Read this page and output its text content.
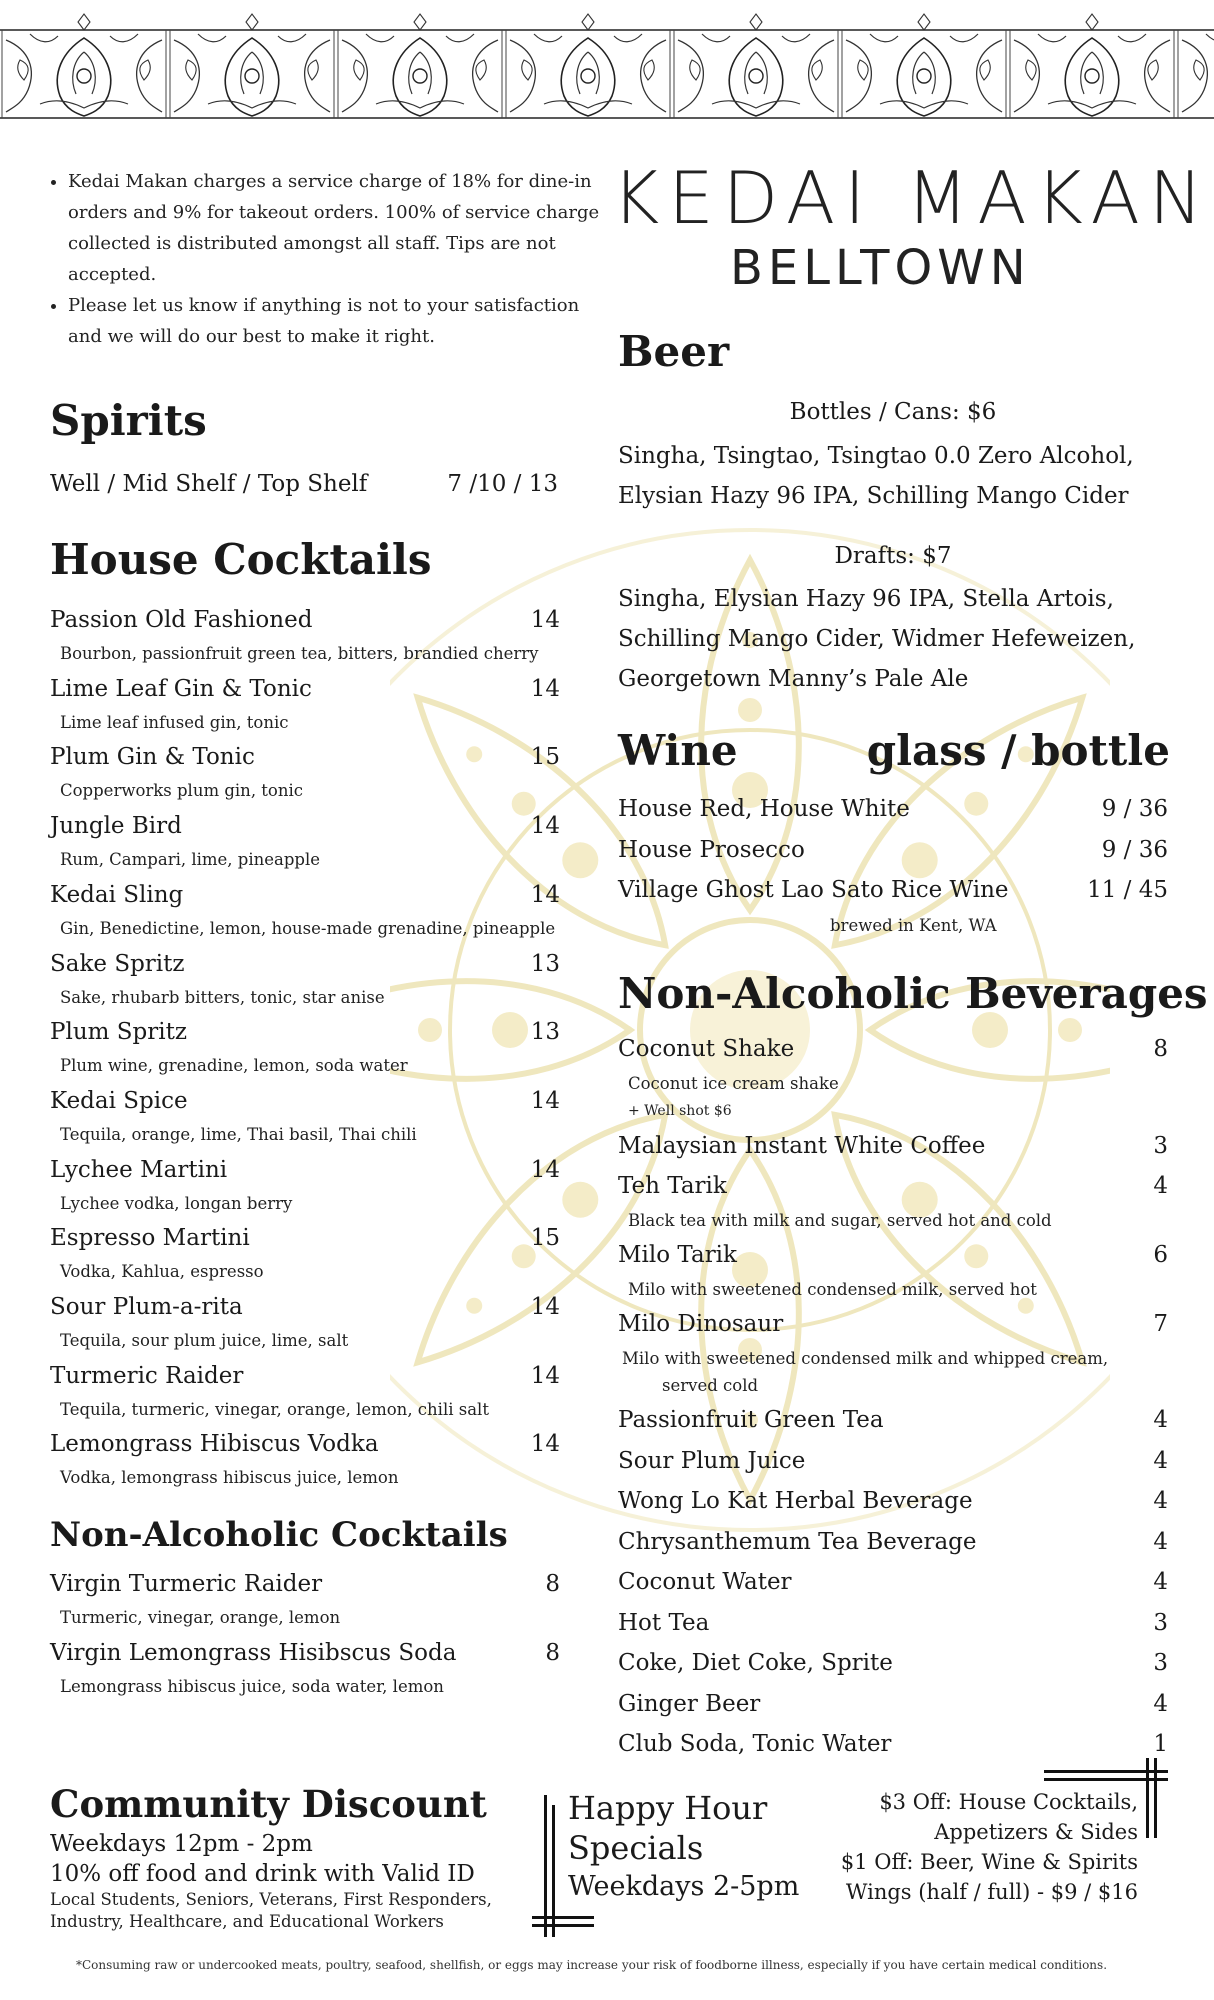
• Kedai Makan charges a service charge of 18% for dine-in orders and 9% for takeout orders. 100% of service charge collected is distributed amongst all staff. Tips are not accepted.
• Please let us know if anything is not to your satisfaction and we will do our best to make it right.
KEDAI MAKAN
BELLTOWN
Spirits
Well / Mid Shelf / Top Shelf	7 /10 / 13
House Cocktails
Non-Alcoholic Cocktails
Beer
Bottles / Cans: $6
Singha, Tsingtao, Tsingtao 0.0 Zero Alcohol,
Elysian Hazy 96 IPA, Schilling Mango Cider
Drafts: $7
Singha, Elysian Hazy 96 IPA, Stella Artois,
Schilling Mango Cider, Widmer Hefeweizen,
Georgetown Manny’s Pale Ale
Wine	glass / bottle
brewed in Kent, WA
Non-Alcoholic Beverages
Coconut Shake	8
Coconut ice cream shake
+ Well shot $6
Malaysian Instant White Coffee	3
Teh Tarik	4
Black tea with milk and sugar, served hot and cold
Milo Tarik	6
Milo with sweetened condensed milk, served hot
Milo Dinosaur	7
Milo with sweetened condensed milk and whipped cream,
served cold
Community Discount
Weekdays 12pm - 2pm
10% off food and drink with Valid ID
Local Students, Seniors, Veterans, First Responders,
Industry, Healthcare, and Educational Workers
Happy Hour
Specials
Weekdays 2-5pm
$3 Off: House Cocktails,
Appetizers & Sides
$1 Off: Beer, Wine & Spirits
Wings (half / full) - $9 / $16
*Consuming raw or undercooked meats, poultry, seafood, shellfish, or eggs may increase your risk of foodborne illness, especially if you have certain medical conditions.
Passion Old Fashioned	14
Bourbon, passionfruit green tea, bitters, brandied cherry
Lime Leaf Gin & Tonic	14
Lime leaf infused gin, tonic
Plum Gin & Tonic	15
Copperworks plum gin, tonic
Jungle Bird	14
Rum, Campari, lime, pineapple
Kedai Sling	14
Gin, Benedictine, lemon, house-made grenadine, pineapple
Sake Spritz	13
Sake, rhubarb bitters, tonic, star anise
Plum Spritz	13
Plum wine, grenadine, lemon, soda water
Kedai Spice	14
Tequila, orange, lime, Thai basil, Thai chili
Lychee Martini	14
Lychee vodka, longan berry
Espresso Martini	15
Vodka, Kahlua, espresso
Sour Plum-a-rita	14
Tequila, sour plum juice, lime, salt
Turmeric Raider	14
Tequila, turmeric, vinegar, orange, lemon, chili salt
Lemongrass Hibiscus Vodka	14
Vodka, lemongrass hibiscus juice, lemon
Virgin Turmeric Raider	8
Turmeric, vinegar, orange, lemon
Virgin Lemongrass Hisibscus Soda	8
Lemongrass hibiscus juice, soda water, lemon
House Red, House White	9 / 36
House Prosecco	9 / 36
Village Ghost Lao Sato Rice Wine	11 / 45
Passionfruit Green Tea	4
Sour Plum Juice	4
Wong Lo Kat Herbal Beverage	4
Chrysanthemum Tea Beverage	4
Coconut Water	4
Hot Tea	3
Coke, Diet Coke, Sprite	3
Ginger Beer	4
Club Soda, Tonic Water	1
